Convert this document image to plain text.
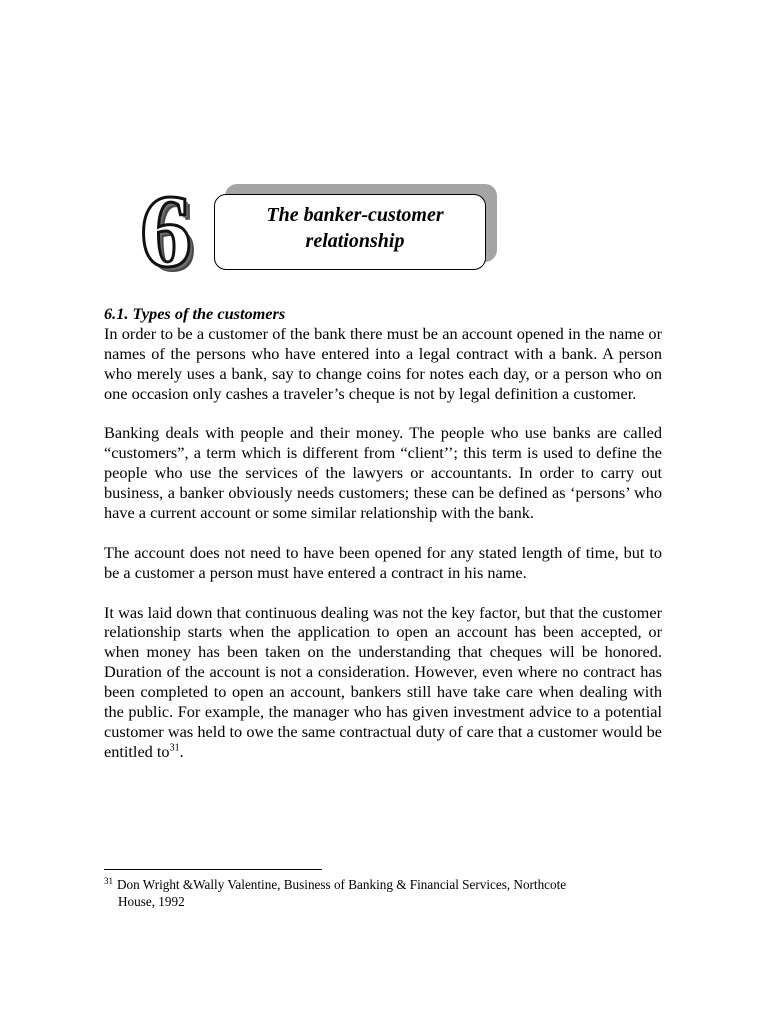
6	The banker-customer
relationship

6.1. Types of the customers

In order to be a customer of the bank there must be an account opened in the name or names of the persons who have entered into a legal contract with a bank. A person who merely uses a bank, say to change coins for notes each day, or a person who on one occasion only cashes a traveler’s cheque is not by legal definition a customer.

Banking deals with people and their money. The people who use banks are called “customers”, a term which is different from “client’’; this term is used to define the people who use the services of the lawyers or accountants. In order to carry out business, a banker obviously needs customers; these can be defined as ‘persons’ who have a current account or some similar relationship with the bank.

The account does not need to have been opened for any stated length of time, but to be a customer a person must have entered a contract in his name.

It was laid down that continuous dealing was not the key factor, but that the customer relationship starts when the application to open an account has been accepted, or when money has been taken on the understanding that cheques will be honored. Duration of the account is not a consideration. However, even where no contract has been completed to open an account, bankers still have take care when dealing with the public. For example, the manager who has given investment advice to a potential customer was held to owe the same contractual duty of care that a customer would be entitled $to^{31}$.

$^{31}$ Don Wright &Wally Valentine, Business of Banking & Financial Services, Northcote
House, 1992
